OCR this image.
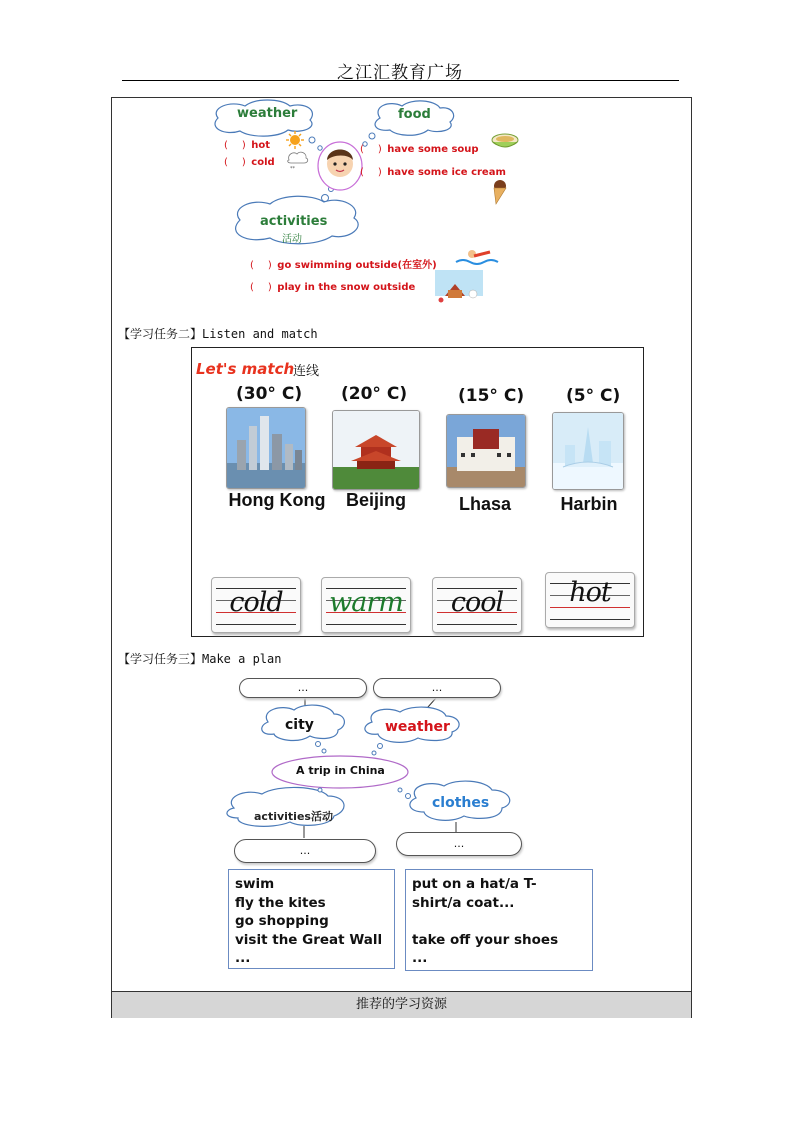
之江汇教育广场
**
weather	food
activities
活动
(　) hot
(　) cold
(　) have some soup
(　) have some ice cream
(　) go swimming outside(在室外)
(　) play in the snow outside
【学习任务二】Listen and match
Let's match
连线
(30° C) (20° C)	(15° C) (5° C)
Hong Kong	Beijing	Lhasa	Harbin
cold	warm	cool	hot
【学习任务三】Make a plan
...	...
city	weather
A trip in China
activities活动
clothes
...
...
swim
fly the kites
go shopping
visit the Great Wall
...
put on a hat/a T-
shirt/a coat...
take off your shoes
...
推荐的学习资源
